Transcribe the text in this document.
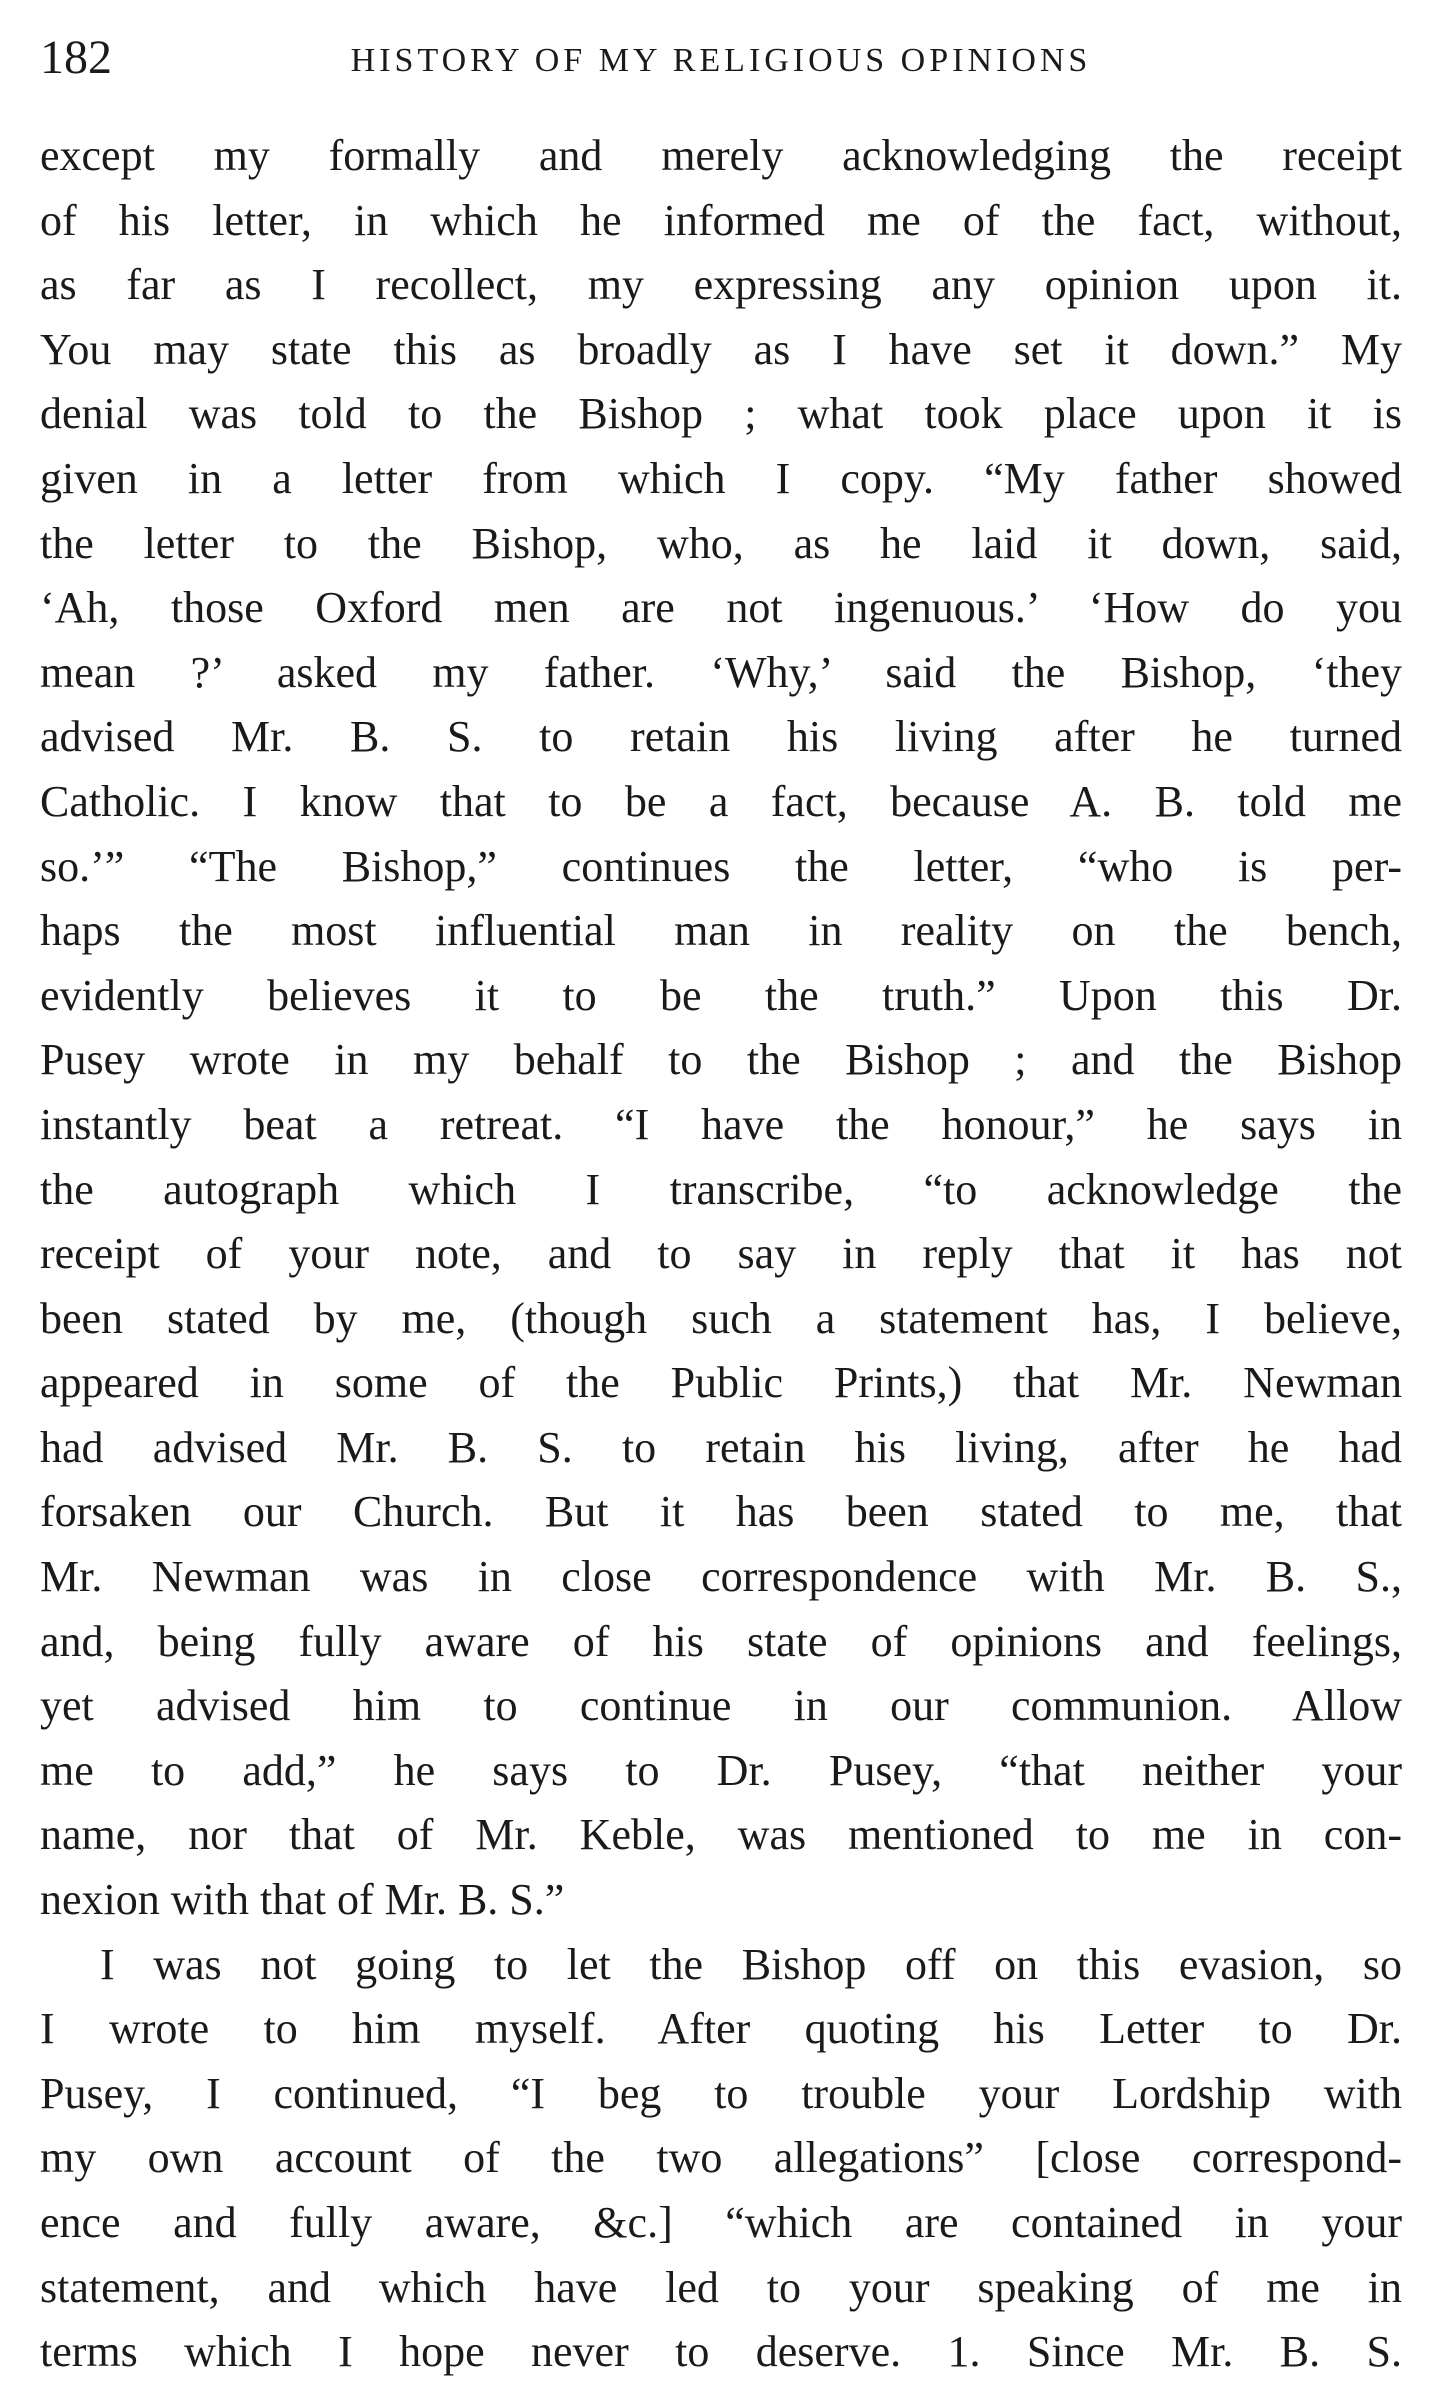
182	HISTORY OF MY RELIGIOUS OPINIONS
except my formally and merely acknowledging the receipt
of his letter, in which he informed me of the fact, without,
as far as I recollect, my expressing any opinion upon it.
You may state this as broadly as I have set it down.” My
denial was told to the Bishop ; what took place upon it is
given in a letter from which I copy. “My father showed
the letter to the Bishop, who, as he laid it down, said,
‘Ah, those Oxford men are not ingenuous.’ ‘How do you
mean ?’ asked my father. ‘Why,’ said the Bishop, ‘they
advised Mr. B. S. to retain his living after he turned
Catholic. I know that to be a fact, because A. B. told me
so.’” “The Bishop,” continues the letter, “who is per-
haps the most influential man in reality on the bench,
evidently believes it to be the truth.” Upon this Dr.
Pusey wrote in my behalf to the Bishop ; and the Bishop
instantly beat a retreat. “I have the honour,” he says in
the autograph which I transcribe, “to acknowledge the
receipt of your note, and to say in reply that it has not
been stated by me, (though such a statement has, I believe,
appeared in some of the Public Prints,) that Mr. Newman
had advised Mr. B. S. to retain his living, after he had
forsaken our Church. But it has been stated to me, that
Mr. Newman was in close correspondence with Mr. B. S.,
and, being fully aware of his state of opinions and feelings,
yet advised him to continue in our communion. Allow
me to add,” he says to Dr. Pusey, “that neither your
name, nor that of Mr. Keble, was mentioned to me in con-
nexion with that of Mr. B. S.”
I was not going to let the Bishop off on this evasion, so
I wrote to him myself. After quoting his Letter to Dr.
Pusey, I continued, “I beg to trouble your Lordship with
my own account of the two allegations” [close correspond-
ence and fully aware, &c.] “which are contained in your
statement, and which have led to your speaking of me in
terms which I hope never to deserve. 1. Since Mr. B. S.
